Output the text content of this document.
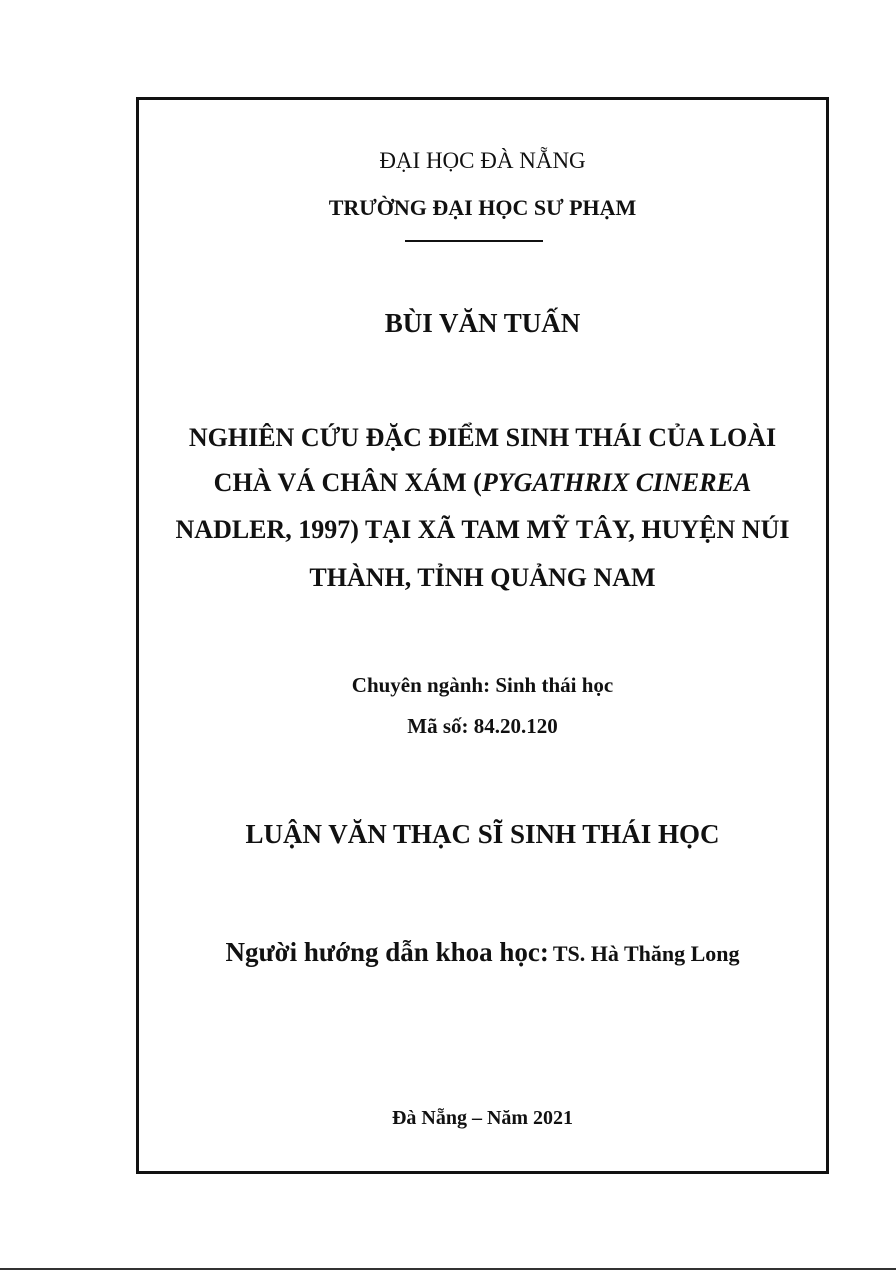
ĐẠI HỌC ĐÀ NẴNG
TRƯỜNG ĐẠI HỌC SƯ PHẠM
BÙI VĂN TUẤN
NGHIÊN CỨU ĐẶC ĐIỂM SINH THÁI CỦA LOÀI
CHÀ VÁ CHÂN XÁM (PYGATHRIX CINEREA
NADLER, 1997) TẠI XÃ TAM MỸ TÂY, HUYỆN NÚI
THÀNH, TỈNH QUẢNG NAM
Chuyên ngành: Sinh thái học
Mã số: 84.20.120
LUẬN VĂN THẠC SĨ SINH THÁI HỌC
Người hướng dẫn khoa học: TS. Hà Thăng Long
Đà Nẵng – Năm 2021
